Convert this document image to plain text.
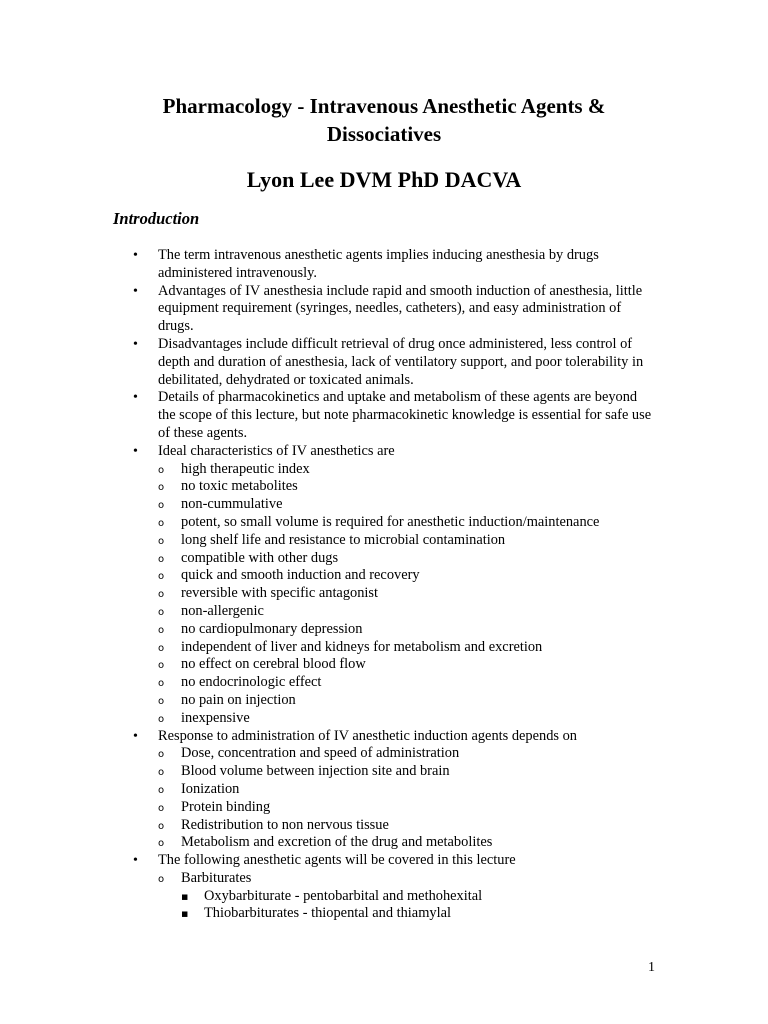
Pharmacology - Intravenous Anesthetic Agents &
Dissociatives
Lyon Lee DVM PhD DACVA
Introduction
• The term intravenous anesthetic agents implies inducing anesthesia by drugs administered intravenously.
• Advantages of IV anesthesia include rapid and smooth induction of anesthesia, little equipment requirement (syringes, needles, catheters), and easy administration of drugs.
• Disadvantages include difficult retrieval of drug once administered, less control of depth and duration of anesthesia, lack of ventilatory support, and poor tolerability in debilitated, dehydrated or toxicated animals.
• Details of pharmacokinetics and uptake and metabolism of these agents are beyond the scope of this lecture, but note pharmacokinetic knowledge is essential for safe use of these agents.
• Ideal characteristics of IV anesthetics are
o high therapeutic index
o no toxic metabolites
o non-cummulative
o potent, so small volume is required for anesthetic induction/maintenance
o long shelf life and resistance to microbial contamination
o compatible with other dugs
o quick and smooth induction and recovery
o reversible with specific antagonist
o non-allergenic
o no cardiopulmonary depression
o independent of liver and kidneys for metabolism and excretion
o no effect on cerebral blood flow
o no endocrinologic effect
o no pain on injection
o inexpensive
• Response to administration of IV anesthetic induction agents depends on
o Dose, concentration and speed of administration
o Blood volume between injection site and brain
o Ionization
o Protein binding
o Redistribution to non nervous tissue
o Metabolism and excretion of the drug and metabolites
• The following anesthetic agents will be covered in this lecture
o Barbiturates
▪ Oxybarbiturate - pentobarbital and methohexital
▪ Thiobarbiturates - thiopental and thiamylal
1
